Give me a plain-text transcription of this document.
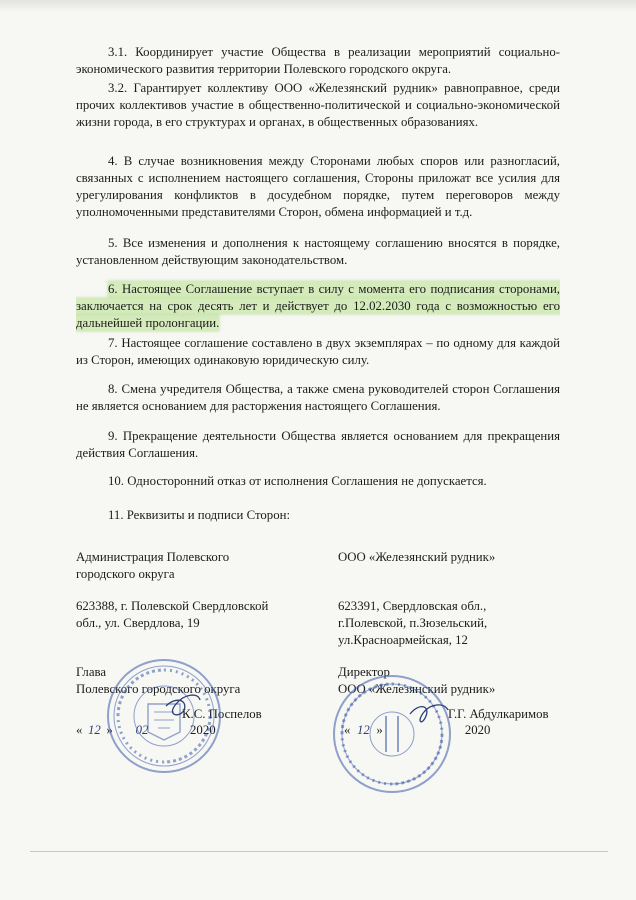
3.1. Координирует участие Общества в реализации мероприятий социально-экономического развития территории Полевского городского округа.

3.2. Гарантирует коллективу ООО «Железянский рудник» равноправное, среди прочих коллективов участие в общественно-политической и социально-экономической жизни города, в его структурах и органах, в общественных образованиях.

4. В случае возникновения между Сторонами любых споров или разногласий, связанных с исполнением настоящего соглашения, Стороны приложат все усилия для урегулирования конфликтов в досудебном порядке, путем переговоров между уполномоченными представителями Сторон, обмена информацией и т.д.

5. Все изменения и дополнения к настоящему соглашению вносятся в порядке, установленном действующим законодательством.

6. Настоящее Соглашение вступает в силу с момента его подписания сторонами, заключается на срок десять лет и действует до 12.02.2030 года с возможностью его дальнейшей пролонгации.

7. Настоящее соглашение составлено в двух экземплярах – по одному для каждой из Сторон, имеющих одинаковую юридическую силу.

8. Смена учредителя Общества, а также смена руководителей сторон Соглашения не является основанием для расторжения настоящего Соглашения.

9. Прекращение деятельности Общества является основанием для прекращения действия Соглашения.

10. Односторонний отказ от исполнения Соглашения не допускается.

11. Реквизиты и подписи Сторон:

Администрация Полевского
городского округа
623388, г. Полевской Свердловской
обл., ул. Свердлова, 19
Глава
Полевского городского округа
К.С. Поспелов
« 12 » 02	2020
ООО «Железянский рудник»
623391, Свердловская обл.,
г.Полевской, п.Зюзельский,
ул.Красноармейская, 12
Директор
ООО «Железянский рудник»
Г.Г. Абдулкаримов
« 12 »	2020
